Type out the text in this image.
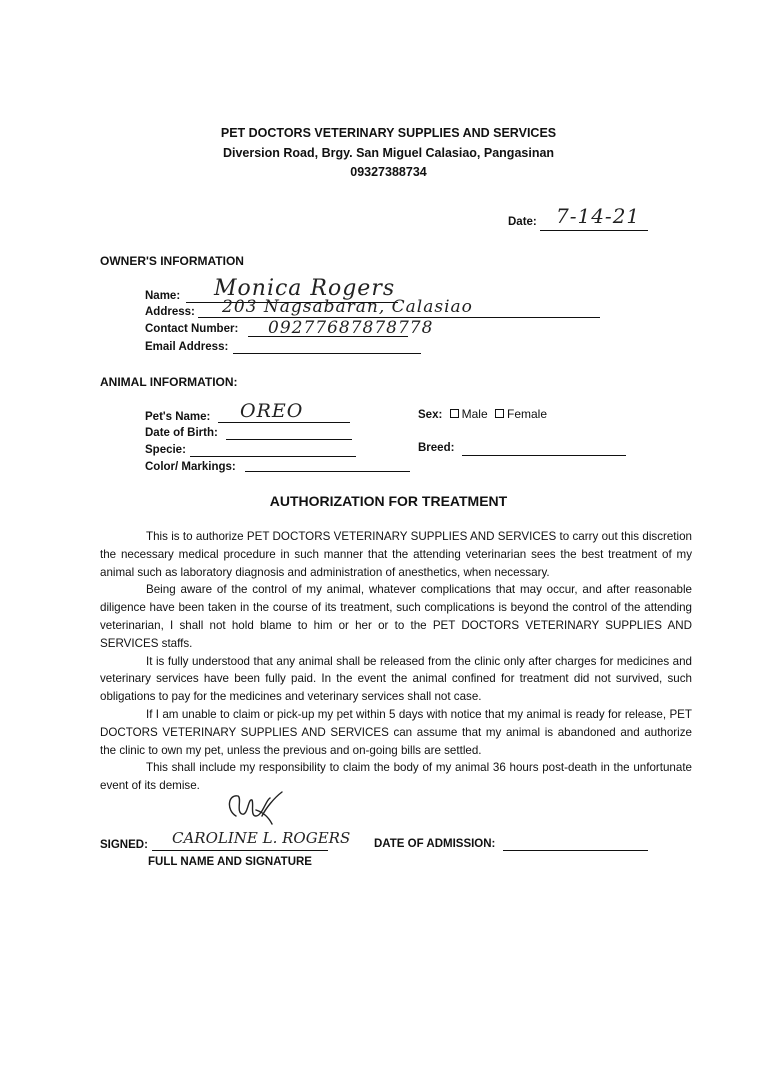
PET DOCTORS VETERINARY SUPPLIES AND SERVICES
Diversion Road, Brgy. San Miguel Calasiao, Pangasinan
09327388734
Date: 7-14-21
OWNER'S INFORMATION
Name: Monica Rogers
Address: 203 Nagsabaran, Calasiao
Contact Number: 09277687878778
Email Address:
ANIMAL INFORMATION:
Pet's Name: OREO
Date of Birth:
Specie:
Color/ Markings:
Sex: Male Female
Breed:
AUTHORIZATION FOR TREATMENT

This is to authorize PET DOCTORS VETERINARY SUPPLIES AND SERVICES to carry out this discretion the necessary medical procedure in such manner that the attending veterinarian sees the best treatment of my animal such as laboratory diagnosis and administration of anesthetics, when necessary.

Being aware of the control of my animal, whatever complications that may occur, and after reasonable diligence have been taken in the course of its treatment, such complications is beyond the control of the attending veterinarian, I shall not hold blame to him or her or to the PET DOCTORS VETERINARY SUPPLIES AND SERVICES staffs.

It is fully understood that any animal shall be released from the clinic only after charges for medicines and veterinary services have been fully paid. In the event the animal confined for treatment did not survived, such obligations to pay for the medicines and veterinary services shall not case.

If I am unable to claim or pick-up my pet within 5 days with notice that my animal is ready for release, PET DOCTORS VETERINARY SUPPLIES AND SERVICES can assume that my animal is abandoned and authorize the clinic to own my pet, unless the previous and on-going bills are settled.

This shall include my responsibility to claim the body of my animal 36 hours post-death in the unfortunate event of its demise.

SIGNED: CAROLINE L. ROGERS
FULL NAME AND SIGNATURE
DATE OF ADMISSION:
